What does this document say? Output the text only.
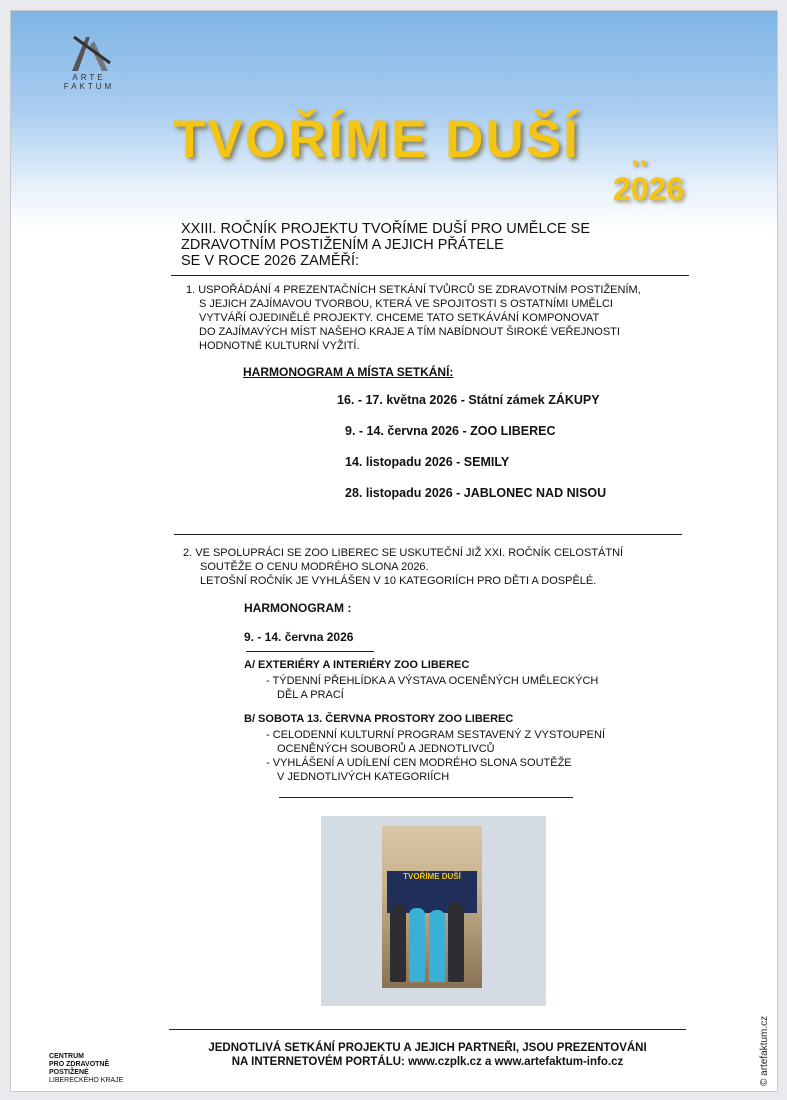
ARTE
FAKTUM
TVOŘÍME DUŠÍ ..
2026
XXIII. ROČNÍK PROJEKTU TVOŘÍME DUŠÍ PRO UMĚLCE SE
ZDRAVOTNÍM POSTIŽENÍM A JEJICH PŘÁTELE
SE V ROCE 2026 ZAMĚŘÍ:
1. USPOŘÁDÁNÍ 4 PREZENTAČNÍCH SETKÁNÍ TVŮRCŮ SE ZDRAVOTNÍM POSTIŽENÍM,
S JEJICH ZAJÍMAVOU TVORBOU, KTERÁ VE SPOJITOSTI S OSTATNÍMI UMĚLCI
VYTVÁŘÍ OJEDINĚLÉ PROJEKTY. CHCEME TATO SETKÁVÁNÍ KOMPONOVAT
DO ZAJÍMAVÝCH MÍST NAŠEHO KRAJE A TÍM NABÍDNOUT ŠIROKÉ VEŘEJNOSTI
HODNOTNÉ KULTURNÍ VYŽITÍ.
HARMONOGRAM A MÍSTA SETKÁNÍ:
16. - 17. května 2026 - Státní zámek ZÁKUPY
9. - 14. června 2026 - ZOO LIBEREC
14. listopadu 2026 - SEMILY
28. listopadu 2026 - JABLONEC NAD NISOU
2. VE SPOLUPRÁCI SE ZOO LIBEREC SE USKUTEČNÍ JIŽ XXI. ROČNÍK CELOSTÁTNÍ
SOUTĚŽE O CENU MODRÉHO SLONA 2026.
LETOŠNÍ ROČNÍK JE VYHLÁŠEN V 10 KATEGORIÍCH PRO DĚTI A DOSPĚLÉ.
HARMONOGRAM :
9. - 14. června 2026
A/ EXTERIÉRY A INTERIÉRY ZOO LIBEREC
- TÝDENNÍ PŘEHLÍDKA A VÝSTAVA OCENĚNÝCH UMĚLECKÝCH
DĚL A PRACÍ
B/ SOBOTA 13. ČERVNA PROSTORY ZOO LIBEREC
- CELODENNÍ KULTURNÍ PROGRAM SESTAVENÝ Z VYSTOUPENÍ
OCENĚNÝCH SOUBORŮ A JEDNOTLIVCŮ
- VYHLÁŠENÍ A UDÍLENÍ CEN MODRÉHO SLONA SOUTĚŽE
V JEDNOTLIVÝCH KATEGORIÍCH
TVOŘÍME DUŠÍ
JEDNOTLIVÁ SETKÁNÍ PROJEKTU A JEJICH PARTNEŘI, JSOU PREZENTOVÁNI
NA INTERNETOVÉM PORTÁLU: www.czplk.cz a www.artefaktum-info.cz
CENTRUM
PRO ZDRAVOTNĚ
POSTIŽENÉ
LIBERECKÉHO KRAJE	© artefaktum.cz
